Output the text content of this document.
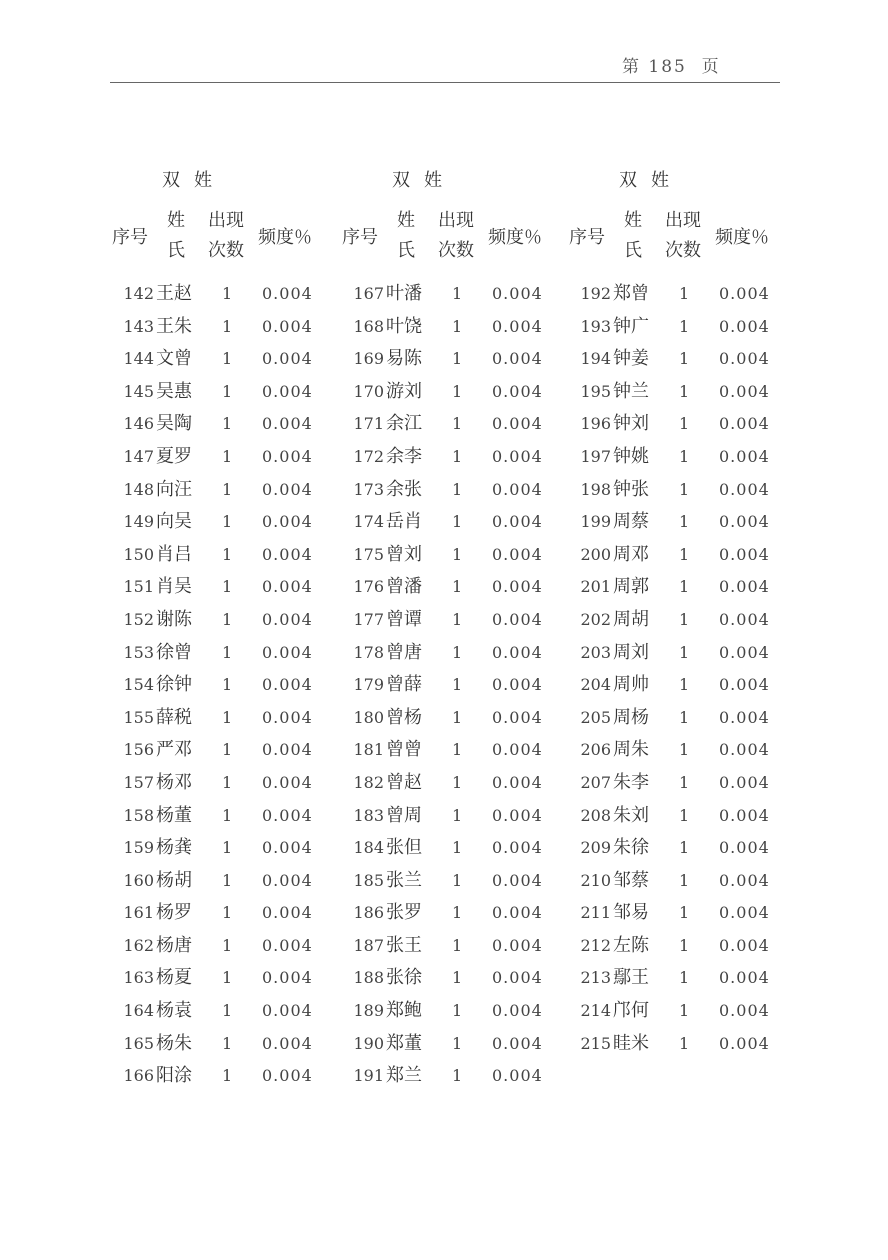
第 185  页
双姓
序号
姓
氏
出现
次数
频度％
142 王赵 1 0.004
143 王朱 1 0.004
144 文曾 1 0.004
145 吴惠 1 0.004
146 吴陶 1 0.004
147 夏罗 1 0.004
148 向汪 1 0.004
149 向吴 1 0.004
150 肖吕 1 0.004
151 肖吴 1 0.004
152 谢陈 1 0.004
153 徐曾 1 0.004
154 徐钟 1 0.004
155 薛税 1 0.004
156 严邓 1 0.004
157 杨邓 1 0.004
158 杨董 1 0.004
159 杨龚 1 0.004
160 杨胡 1 0.004
161 杨罗 1 0.004
162 杨唐 1 0.004
163 杨夏 1 0.004
164 杨袁 1 0.004
165 杨朱 1 0.004
166 阳涂 1 0.004
双姓
序号
姓
氏
出现
次数
频度％
167 叶潘 1 0.004
168 叶饶 1 0.004
169 易陈 1 0.004
170 游刘 1 0.004
171 余江 1 0.004
172 余李 1 0.004
173 余张 1 0.004
174 岳肖 1 0.004
175 曾刘 1 0.004
176 曾潘 1 0.004
177 曾谭 1 0.004
178 曾唐 1 0.004
179 曾薛 1 0.004
180 曾杨 1 0.004
181 曾曾 1 0.004
182 曾赵 1 0.004
183 曾周 1 0.004
184 张但 1 0.004
185 张兰 1 0.004
186 张罗 1 0.004
187 张王 1 0.004
188 张徐 1 0.004
189 郑鲍 1 0.004
190 郑董 1 0.004
191 郑兰 1 0.004
双姓
序号
姓
氏
出现
次数
频度％
192 郑曾 1 0.004
193 钟广 1 0.004
194 钟姜 1 0.004
195 钟兰 1 0.004
196 钟刘 1 0.004
197 钟姚 1 0.004
198 钟张 1 0.004
199 周蔡 1 0.004
200 周邓 1 0.004
201 周郭 1 0.004
202 周胡 1 0.004
203 周刘 1 0.004
204 周帅 1 0.004
205 周杨 1 0.004
206 周朱 1 0.004
207 朱李 1 0.004
208 朱刘 1 0.004
209 朱徐 1 0.004
210 邹蔡 1 0.004
211 邹易 1 0.004
212 左陈 1 0.004
213 鄢王 1 0.004
214 邝何 1 0.004
215 眭米 1 0.004
